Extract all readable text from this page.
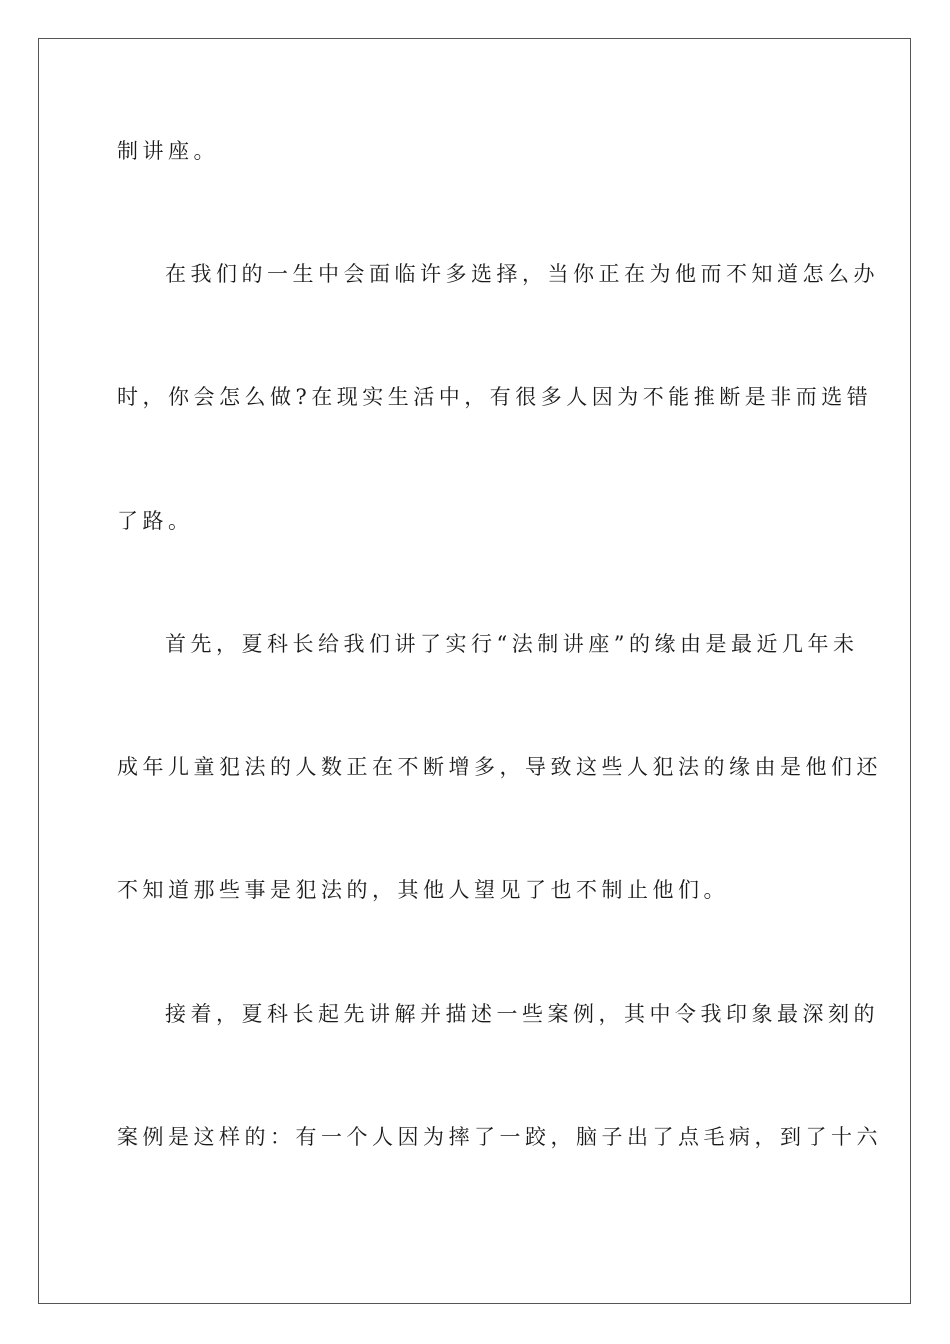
制讲座。
在我们的一生中会面临许多选择，当你正在为他而不知道怎么办
时，你会怎么做?在现实生活中，有很多人因为不能推断是非而选错
了路。
首先，夏科长给我们讲了实行“法制讲座”的缘由是最近几年未
成年儿童犯法的人数正在不断增多，导致这些人犯法的缘由是他们还
不知道那些事是犯法的，其他人望见了也不制止他们。
接着，夏科长起先讲解并描述一些案例，其中令我印象最深刻的
案例是这样的：有一个人因为摔了一跤，脑子出了点毛病，到了十六
